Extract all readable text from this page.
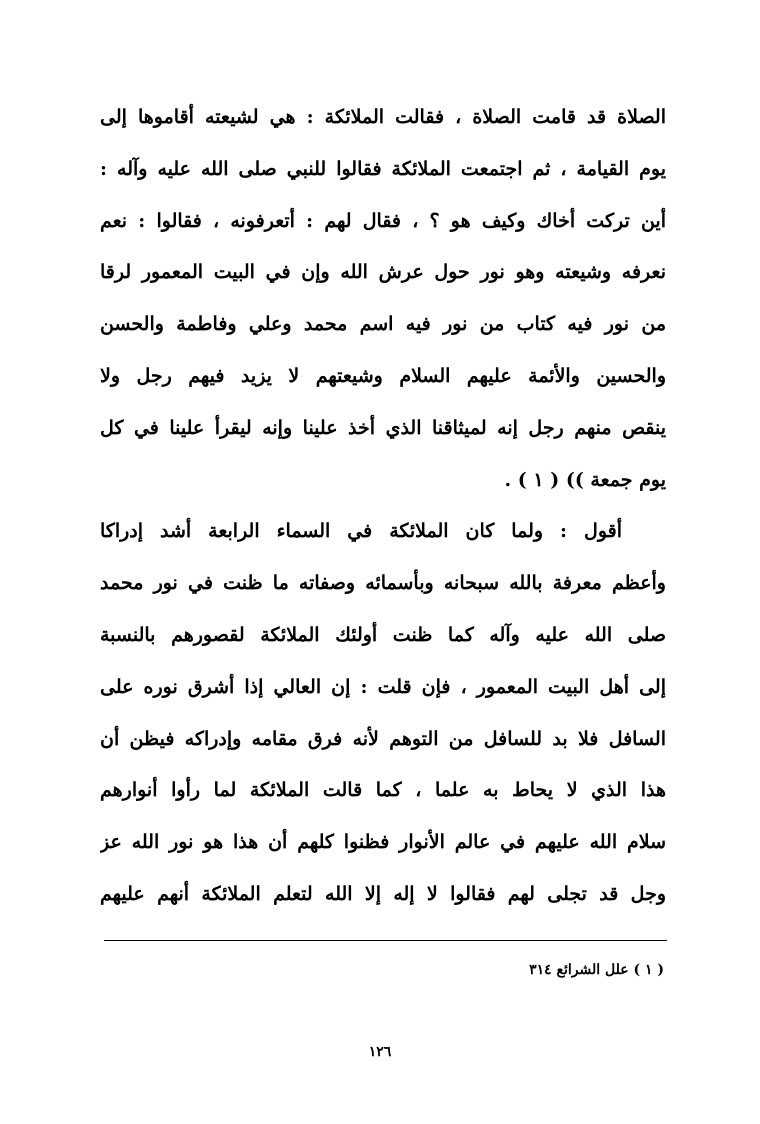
الصلاة قد قامت الصلاة ، فقالت الملائكة : هي لشيعته أقاموها إلى
يوم القيامة ، ثم اجتمعت الملائكة فقالوا للنبي صلى الله عليه وآله :
أين تركت أخاك وكيف هو ؟ ، فقال لهم : أتعرفونه ، فقالوا : نعم
نعرفه وشيعته وهو نور حول عرش الله وإن في البيت المعمور لرقا
من نور فيه كتاب من نور فيه اسم محمد وعلي وفاطمة والحسن
والحسين والأئمة عليهم السلام وشيعتهم لا يزيد فيهم رجل ولا
ينقص منهم رجل إنه لميثاقنا الذي أخذ علينا وإنه ليقرأ علينا في كل
يوم جمعة )) ( ١ ) .
أقول : ولما كان الملائكة في السماء الرابعة أشد إدراكا
وأعظم معرفة بالله سبحانه وبأسمائه وصفاته ما ظنت في نور محمد
صلى الله عليه وآله كما ظنت أولئك الملائكة لقصورهم بالنسبة
إلى أهل البيت المعمور ، فإن قلت : إن العالي إذا أشرق نوره على
السافل فلا بد للسافل من التوهم لأنه فرق مقامه وإدراكه فيظن أن
هذا الذي لا يحاط به علما ، كما قالت الملائكة لما رأوا أنوارهم
سلام الله عليهم في عالم الأنوار فظنوا كلهم أن هذا هو نور الله عز
وجل قد تجلى لهم فقالوا لا إله إلا الله لتعلم الملائكة أنهم عليهم
( ١ ) علل الشرائع ٣١٤
١٢٦
